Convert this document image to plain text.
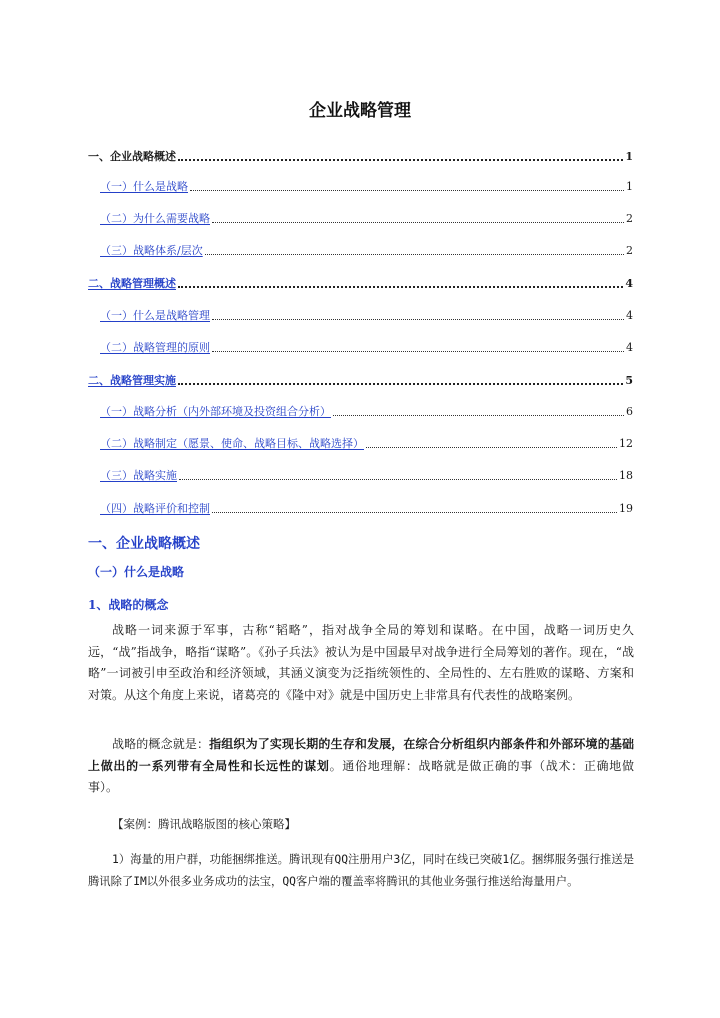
企业战略管理
一、企业战略概述	1
（一）什么是战略	1
（二）为什么需要战略	2
（三）战略体系/层次	2
二、战略管理概述	4
（一）什么是战略管理	4
（二）战略管理的原则	4
二、战略管理实施	5
（一）战略分析（内外部环境及投资组合分析）	6
（二）战略制定（愿景、使命、战略目标、战略选择）	12
（三）战略实施	18
（四）战略评价和控制	19
一、企业战略概述
（一）什么是战略
1、战略的概念
战略一词来源于军事，古称“韬略”，指对战争全局的筹划和谋略。在中国，战略一词历史久远，“战”指战争，略指“谋略”。《孙子兵法》被认为是中国最早对战争进行全局筹划的著作。现在，“战略”一词被引申至政治和经济领域，其涵义演变为泛指统领性的、全局性的、左右胜败的谋略、方案和对策。从这个角度上来说，诸葛亮的《隆中对》就是中国历史上非常具有代表性的战略案例。
战略的概念就是：指组织为了实现长期的生存和发展，在综合分析组织内部条件和外部环境的基础上做出的一系列带有全局性和长远性的谋划。通俗地理解：战略就是做正确的事（战术：正确地做事）。
【案例：腾讯战略版图的核心策略】
1）海量的用户群，功能捆绑推送。腾讯现有QQ注册用户3亿，同时在线已突破1亿。捆绑服务强行推送是腾讯除了IM以外很多业务成功的法宝，QQ客户端的覆盖率将腾讯的其他业务强行推送给海量用户。
